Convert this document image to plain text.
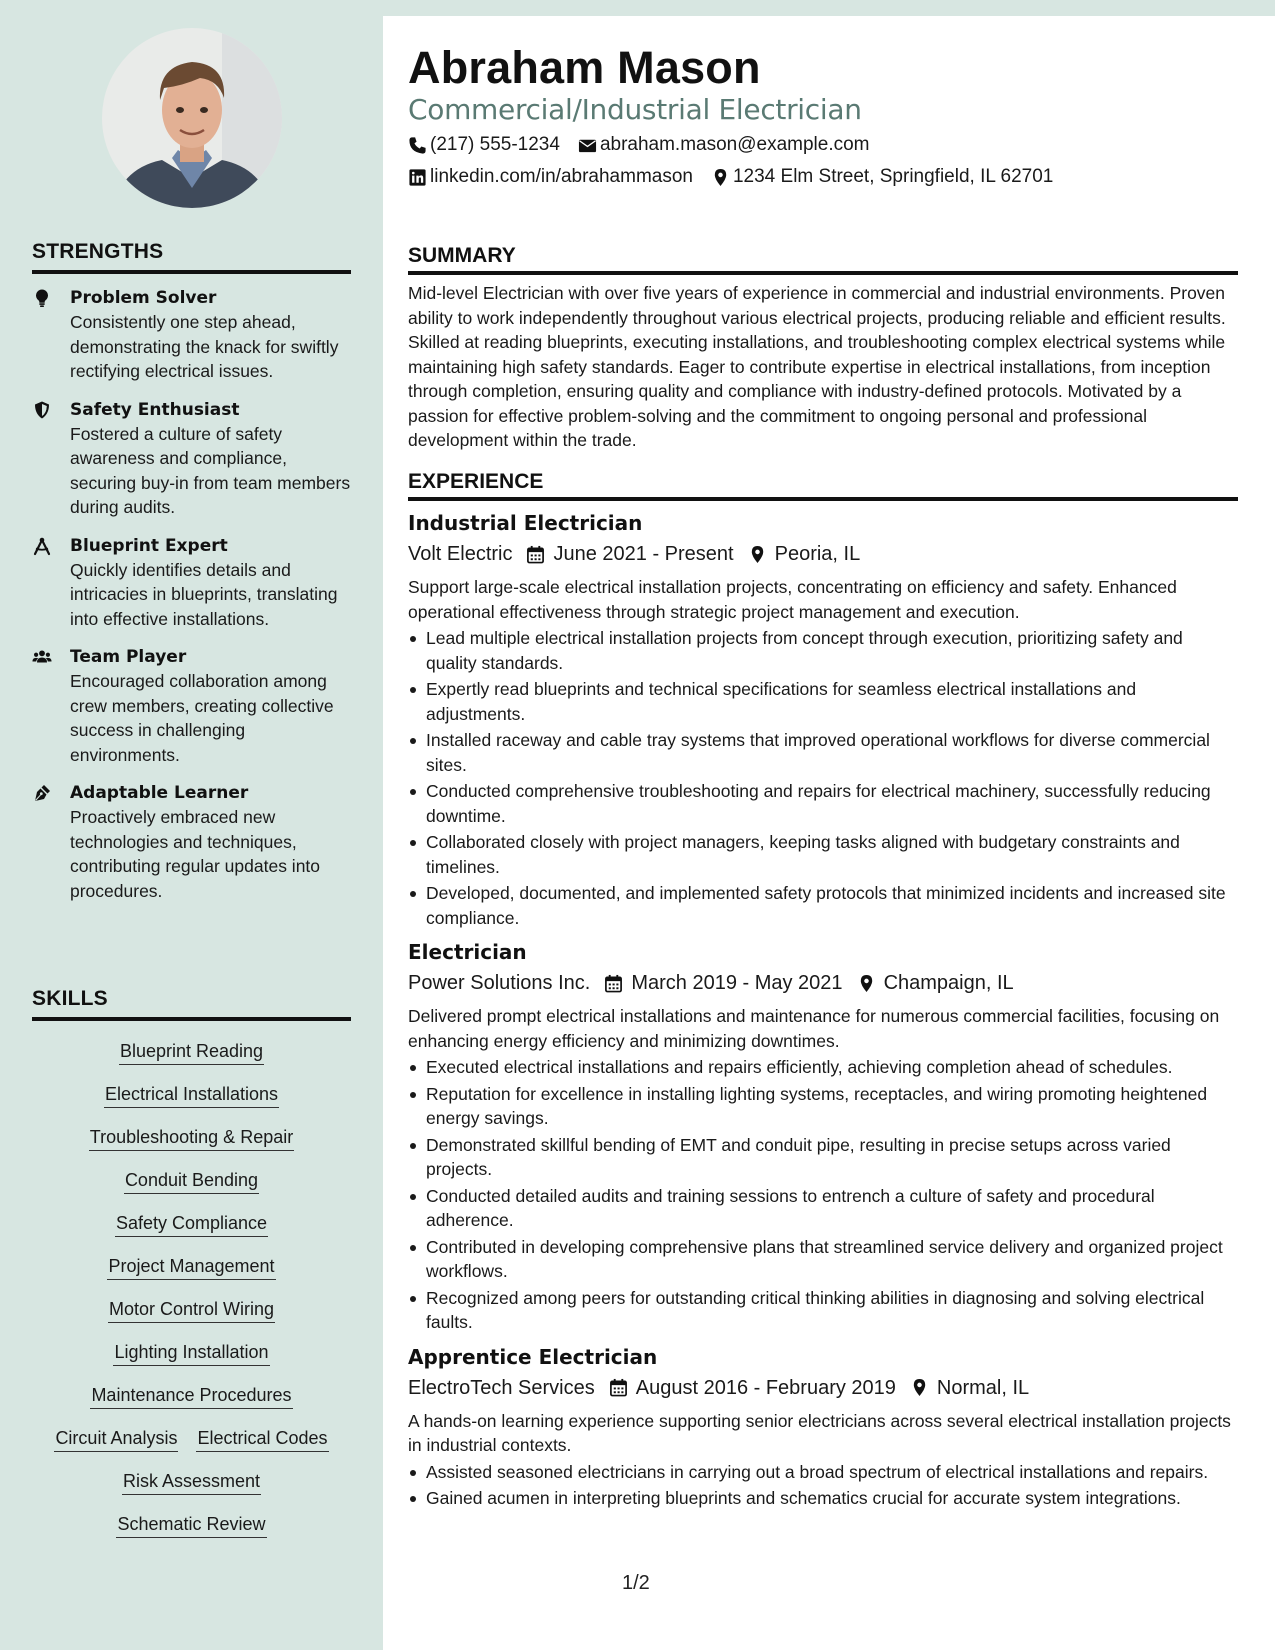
STRENGTHS
Problem Solver
Consistently one step ahead, demonstrating the knack for swiftly rectifying electrical issues.
Safety Enthusiast
Fostered a culture of safety awareness and compliance, securing buy-in from team members during audits.
Blueprint Expert
Quickly identifies details and intricacies in blueprints, translating into effective installations.
Team Player
Encouraged collaboration among crew members, creating collective success in challenging environments.
Adaptable Learner
Proactively embraced new technologies and techniques, contributing regular updates into procedures.
SKILLS
Blueprint Reading
Electrical Installations
Troubleshooting & Repair
Conduit Bending
Safety Compliance
Project Management
Motor Control Wiring
Lighting Installation
Maintenance Procedures
Circuit Analysis Electrical Codes
Risk Assessment
Schematic Review
Abraham Mason
Commercial/Industrial Electrician
(217) 555-1234 abraham.mason@example.com
linkedin.com/in/abrahammason 1234 Elm Street, Springfield, IL 62701
SUMMARY
Mid-level Electrician with over five years of experience in commercial and industrial environments. Proven ability to work independently throughout various electrical projects, producing reliable and efficient results. Skilled at reading blueprints, executing installations, and troubleshooting complex electrical systems while maintaining high safety standards. Eager to contribute expertise in electrical installations, from inception through completion, ensuring quality and compliance with industry-defined protocols. Motivated by a passion for effective problem-solving and the commitment to ongoing personal and professional development within the trade.
EXPERIENCE
Industrial Electrician
Volt Electric June 2021 - Present Peoria, IL
Support large-scale electrical installation projects, concentrating on efficiency and safety. Enhanced operational effectiveness through strategic project management and execution.
Lead multiple electrical installation projects from concept through execution, prioritizing safety and quality standards.
Expertly read blueprints and technical specifications for seamless electrical installations and adjustments.
Installed raceway and cable tray systems that improved operational workflows for diverse commercial sites.
Conducted comprehensive troubleshooting and repairs for electrical machinery, successfully reducing downtime.
Collaborated closely with project managers, keeping tasks aligned with budgetary constraints and timelines.
Developed, documented, and implemented safety protocols that minimized incidents and increased site compliance.
Electrician
Power Solutions Inc. March 2019 - May 2021 Champaign, IL
Delivered prompt electrical installations and maintenance for numerous commercial facilities, focusing on enhancing energy efficiency and minimizing downtimes.
Executed electrical installations and repairs efficiently, achieving completion ahead of schedules.
Reputation for excellence in installing lighting systems, receptacles, and wiring promoting heightened energy savings.
Demonstrated skillful bending of EMT and conduit pipe, resulting in precise setups across varied projects.
Conducted detailed audits and training sessions to entrench a culture of safety and procedural adherence.
Contributed in developing comprehensive plans that streamlined service delivery and organized project workflows.
Recognized among peers for outstanding critical thinking abilities in diagnosing and solving electrical faults.
Apprentice Electrician
ElectroTech Services August 2016 - February 2019 Normal, IL
A hands-on learning experience supporting senior electricians across several electrical installation projects in industrial contexts.
Assisted seasoned electricians in carrying out a broad spectrum of electrical installations and repairs.
Gained acumen in interpreting blueprints and schematics crucial for accurate system integrations.
1/2
